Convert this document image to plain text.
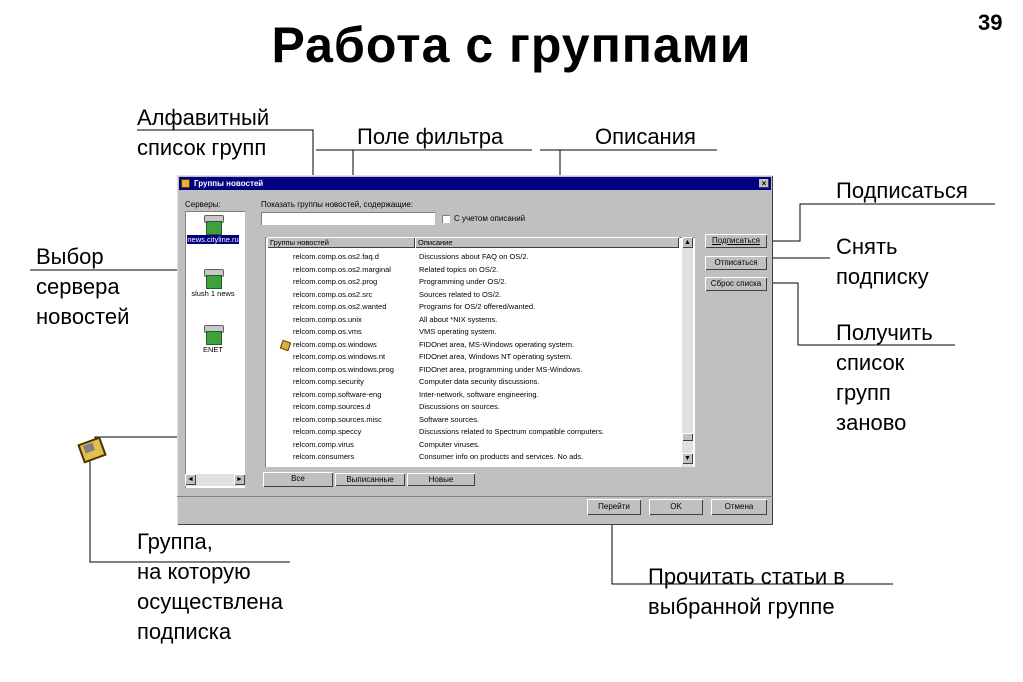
39
Работа с группами
Алфавитный
список групп	Поле фильтра	Описания
Подписаться
Снять
подписку
Выбор
сервера
новостей
Получить
список
групп
заново
Группа,
на которую
осуществлена
подписка
Прочитать статьи в
выбранной группе
Группы новостей	×
Серверы:
news.cityline.ru
slush 1 news
ENET
◄	►
Показать группы новостей, содержащие:
С учетом описаний
Группы новостей	Описание
relcom.comp.os.os2.faq.d	Discussions about FAQ on OS/2.
relcom.comp.os.os2.marginal	Related topics on OS/2.
relcom.comp.os.os2.prog	Programming under OS/2.
relcom.comp.os.os2.src	Sources related to OS/2.
relcom.comp.os.os2.wanted	Programs for OS/2 offered/wanted.
relcom.comp.os.unix	All about *NIX systems.
relcom.comp.os.vms	VMS operating system.
relcom.comp.os.windows	FIDOnet area, MS-Windows operating system.
relcom.comp.os.windows.nt	FIDOnet area, Windows NT operating system.
relcom.comp.os.windows.prog	FIDOnet area, programming under MS-Windows.
relcom.comp.security	Computer data security discussions.
relcom.comp.software-eng	Inter-network, software engineering.
relcom.comp.sources.d	Discussions on sources.
relcom.comp.sources.misc	Software sources.
relcom.comp.speccy	Discussions related to Spectrum compatible computers.
relcom.comp.virus	Computer viruses.
relcom.consumers	Consumer info on products and services. No ads.
▲
▼
Все	Выписанные	Новые
Подписаться
Отписаться
Сброс списка
Перейти	OK	Отмена
